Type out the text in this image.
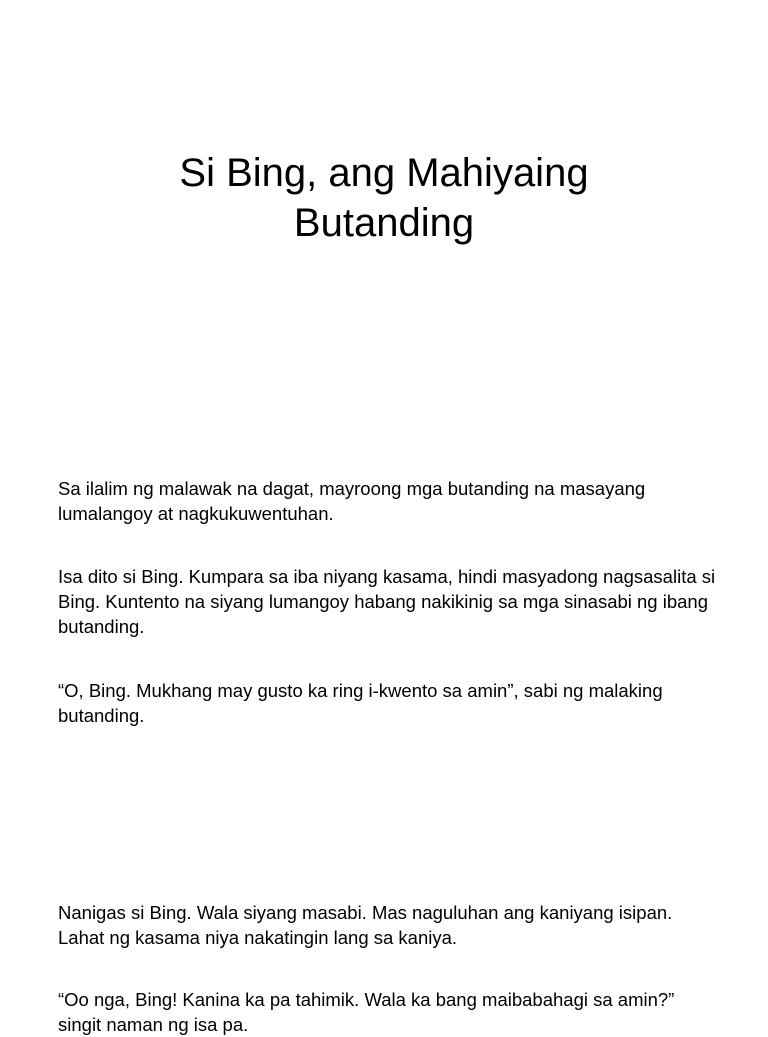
Si Bing, ang Mahiyaing
Butanding

Sa ilalim ng malawak na dagat, mayroong mga butanding na masayang lumalangoy at nagkukuwentuhan.

Isa dito si Bing. Kumpara sa iba niyang kasama, hindi masyadong nagsasalita si Bing. Kuntento na siyang lumangoy habang nakikinig sa mga sinasabi ng ibang butanding.

“O, Bing. Mukhang may gusto ka ring i-kwento sa amin”, sabi ng malaking butanding.

Nanigas si Bing. Wala siyang masabi. Mas naguluhan ang kaniyang isipan. Lahat ng kasama niya nakatingin lang sa kaniya.

“Oo nga, Bing! Kanina ka pa tahimik. Wala ka bang maibabahagi sa amin?” singit naman ng isa pa.
